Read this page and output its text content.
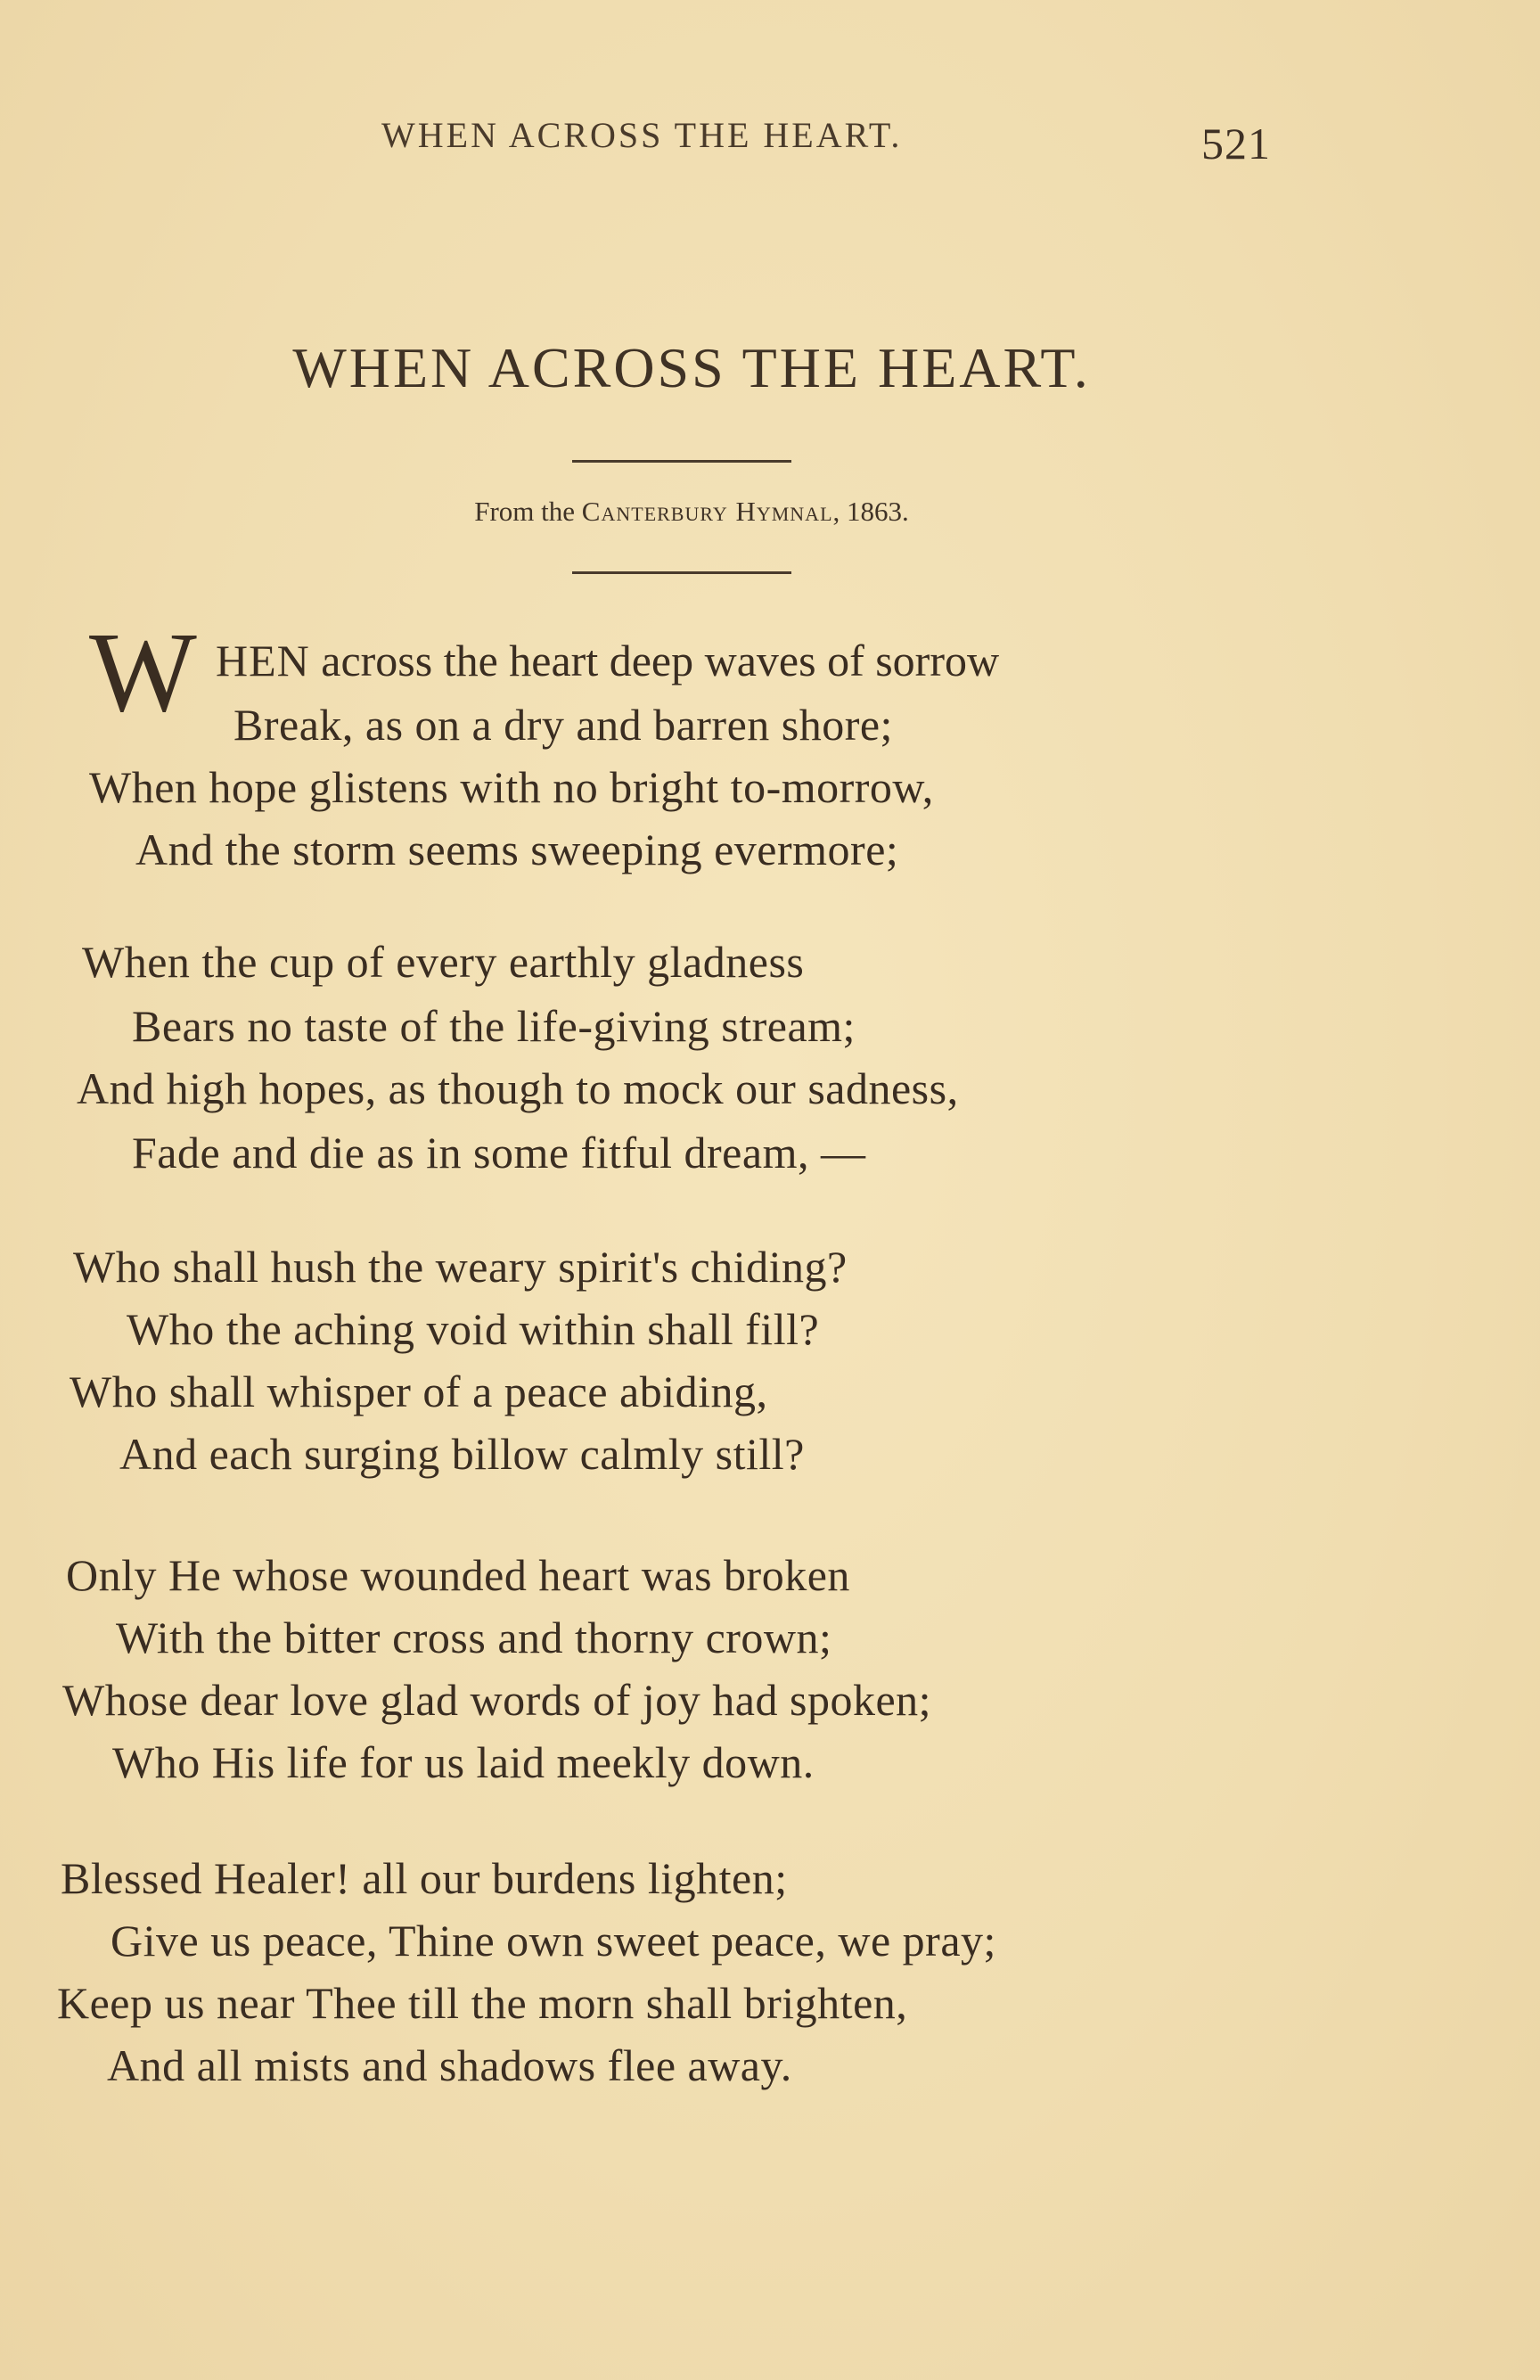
WHEN ACROSS THE HEART.	521
WHEN ACROSS THE HEART.
From the Canterbury Hymnal, 1863.
W HEN across the heart deep waves of sorrow
Break, as on a dry and barren shore;
When hope glistens with no bright to-morrow,
And the storm seems sweeping evermore;
When the cup of every earthly gladness
Bears no taste of the life-giving stream;
And high hopes, as though to mock our sadness,
Fade and die as in some fitful dream, —
Who shall hush the weary spirit's chiding?
Who the aching void within shall fill?
Who shall whisper of a peace abiding,
And each surging billow calmly still?
Only He whose wounded heart was broken
With the bitter cross and thorny crown;
Whose dear love glad words of joy had spoken;
Who His life for us laid meekly down.
Blessed Healer! all our burdens lighten;
Give us peace, Thine own sweet peace, we pray;
Keep us near Thee till the morn shall brighten,
And all mists and shadows flee away.
